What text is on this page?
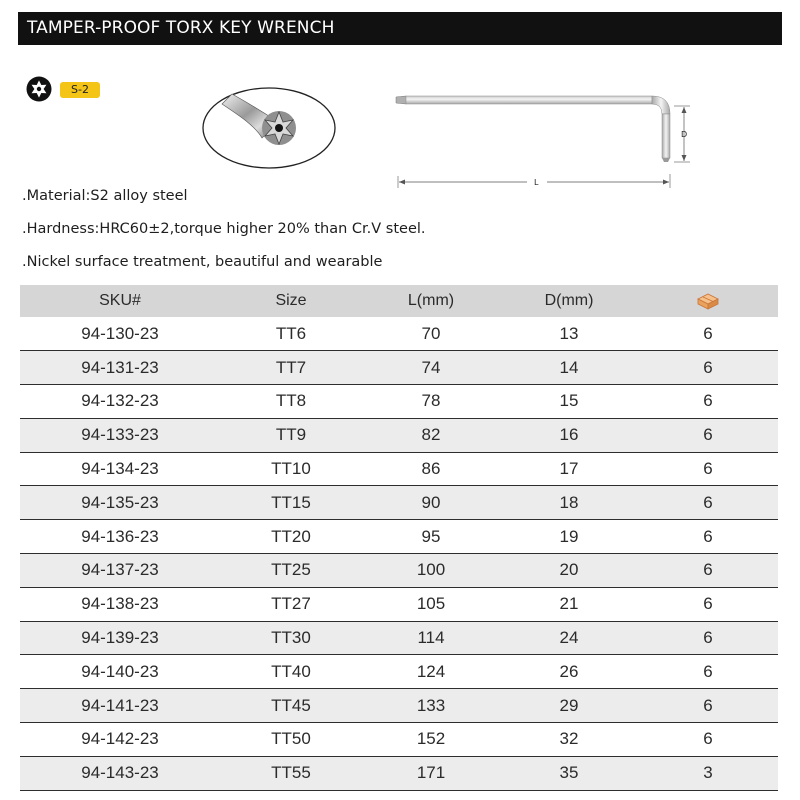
TAMPER-PROOF TORX KEY WRENCH
S-2
D
L
.Material:S2 alloy steel
.Hardness:HRC60±2,torque higher 20% than Cr.V steel.
.Nickel surface treatment, beautiful and wearable
SKU#	Size	L(mm)	D(mm)	
94-130-23	TT6	70	13	6
94-131-23	TT7	74	14	6
94-132-23	TT8	78	15	6
94-133-23	TT9	82	16	6
94-134-23	TT10	86	17	6
94-135-23	TT15	90	18	6
94-136-23	TT20	95	19	6
94-137-23	TT25	100	20	6
94-138-23	TT27	105	21	6
94-139-23	TT30	114	24	6
94-140-23	TT40	124	26	6
94-141-23	TT45	133	29	6
94-142-23	TT50	152	32	6
94-143-23	TT55	171	35	3
